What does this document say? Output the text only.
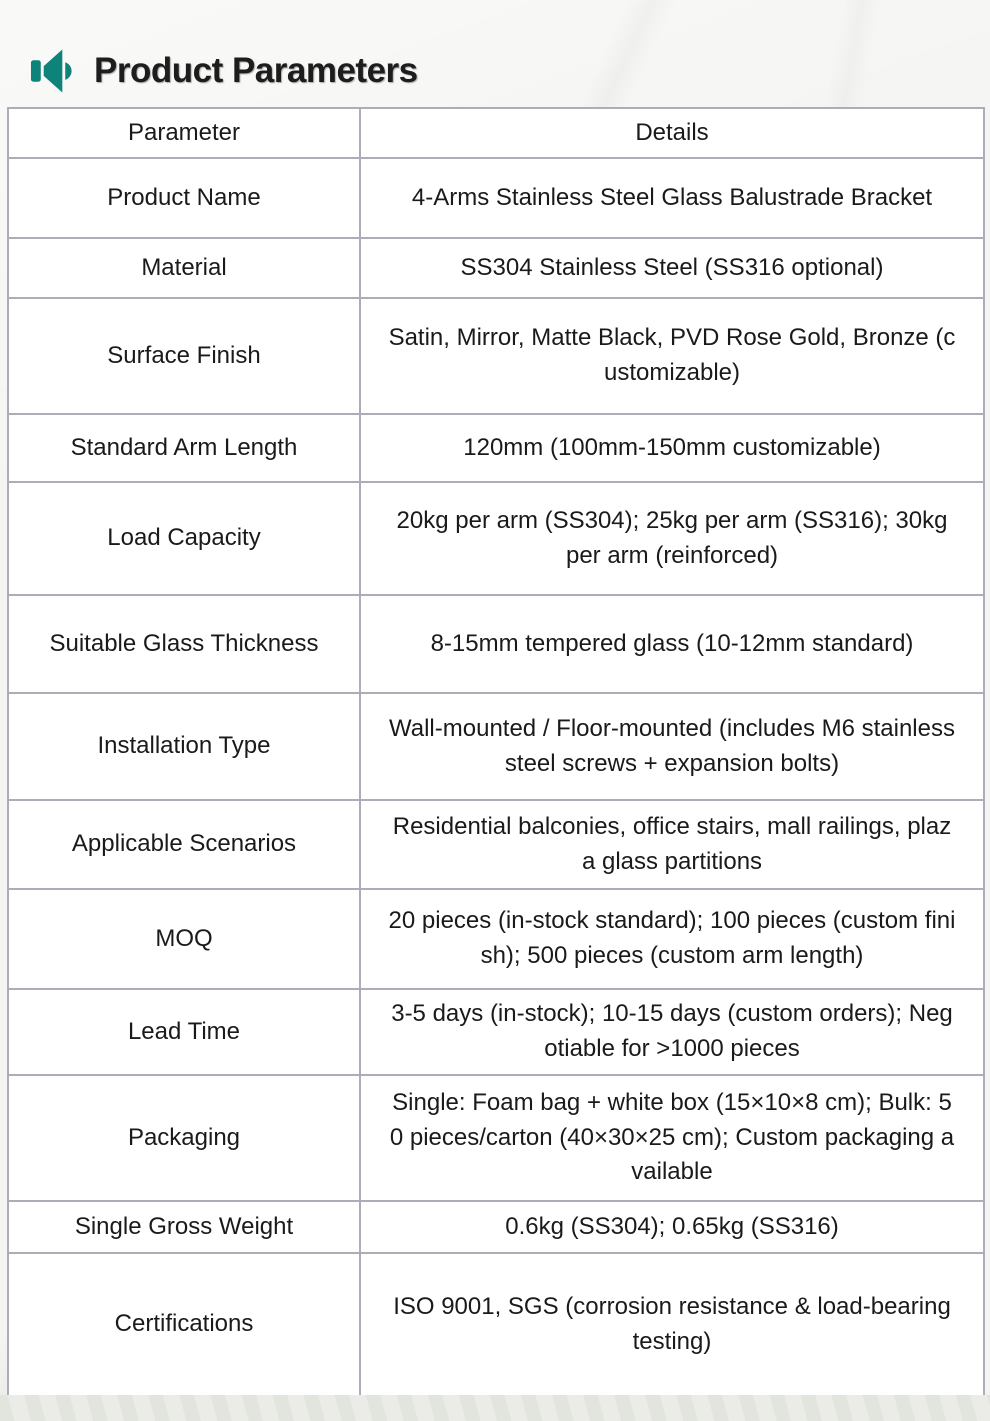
Product Parameters
Parameter	Details
Product Name	4-Arms Stainless Steel Glass Balustrade Bracket
Material	SS304 Stainless Steel (SS316 optional)
Surface Finish	Satin, Mirror, Matte Black, PVD Rose Gold, Bronze (customizable)
Standard Arm Length	120mm (100mm-150mm customizable)
Load Capacity	20kg per arm (SS304); 25kg per arm (SS316); 30kg per arm (reinforced)
Suitable Glass Thickness	8-15mm tempered glass (10-12mm standard)
Installation Type	Wall-mounted / Floor-mounted (includes M6 stainless steel screws + expansion bolts)
Applicable Scenarios	Residential balconies, office stairs, mall railings, plaza glass partitions
MOQ	20 pieces (in-stock standard); 100 pieces (custom finish); 500 pieces (custom arm length)
Lead Time	3-5 days (in-stock); 10-15 days (custom orders); Negotiable for >1000 pieces
Packaging	Single: Foam bag + white box (15×10×8 cm); Bulk: 50 pieces/carton (40×30×25 cm); Custom packaging available
Single Gross Weight	0.6kg (SS304); 0.65kg (SS316)
Certifications	ISO 9001, SGS (corrosion resistance & load-bearing testing)
